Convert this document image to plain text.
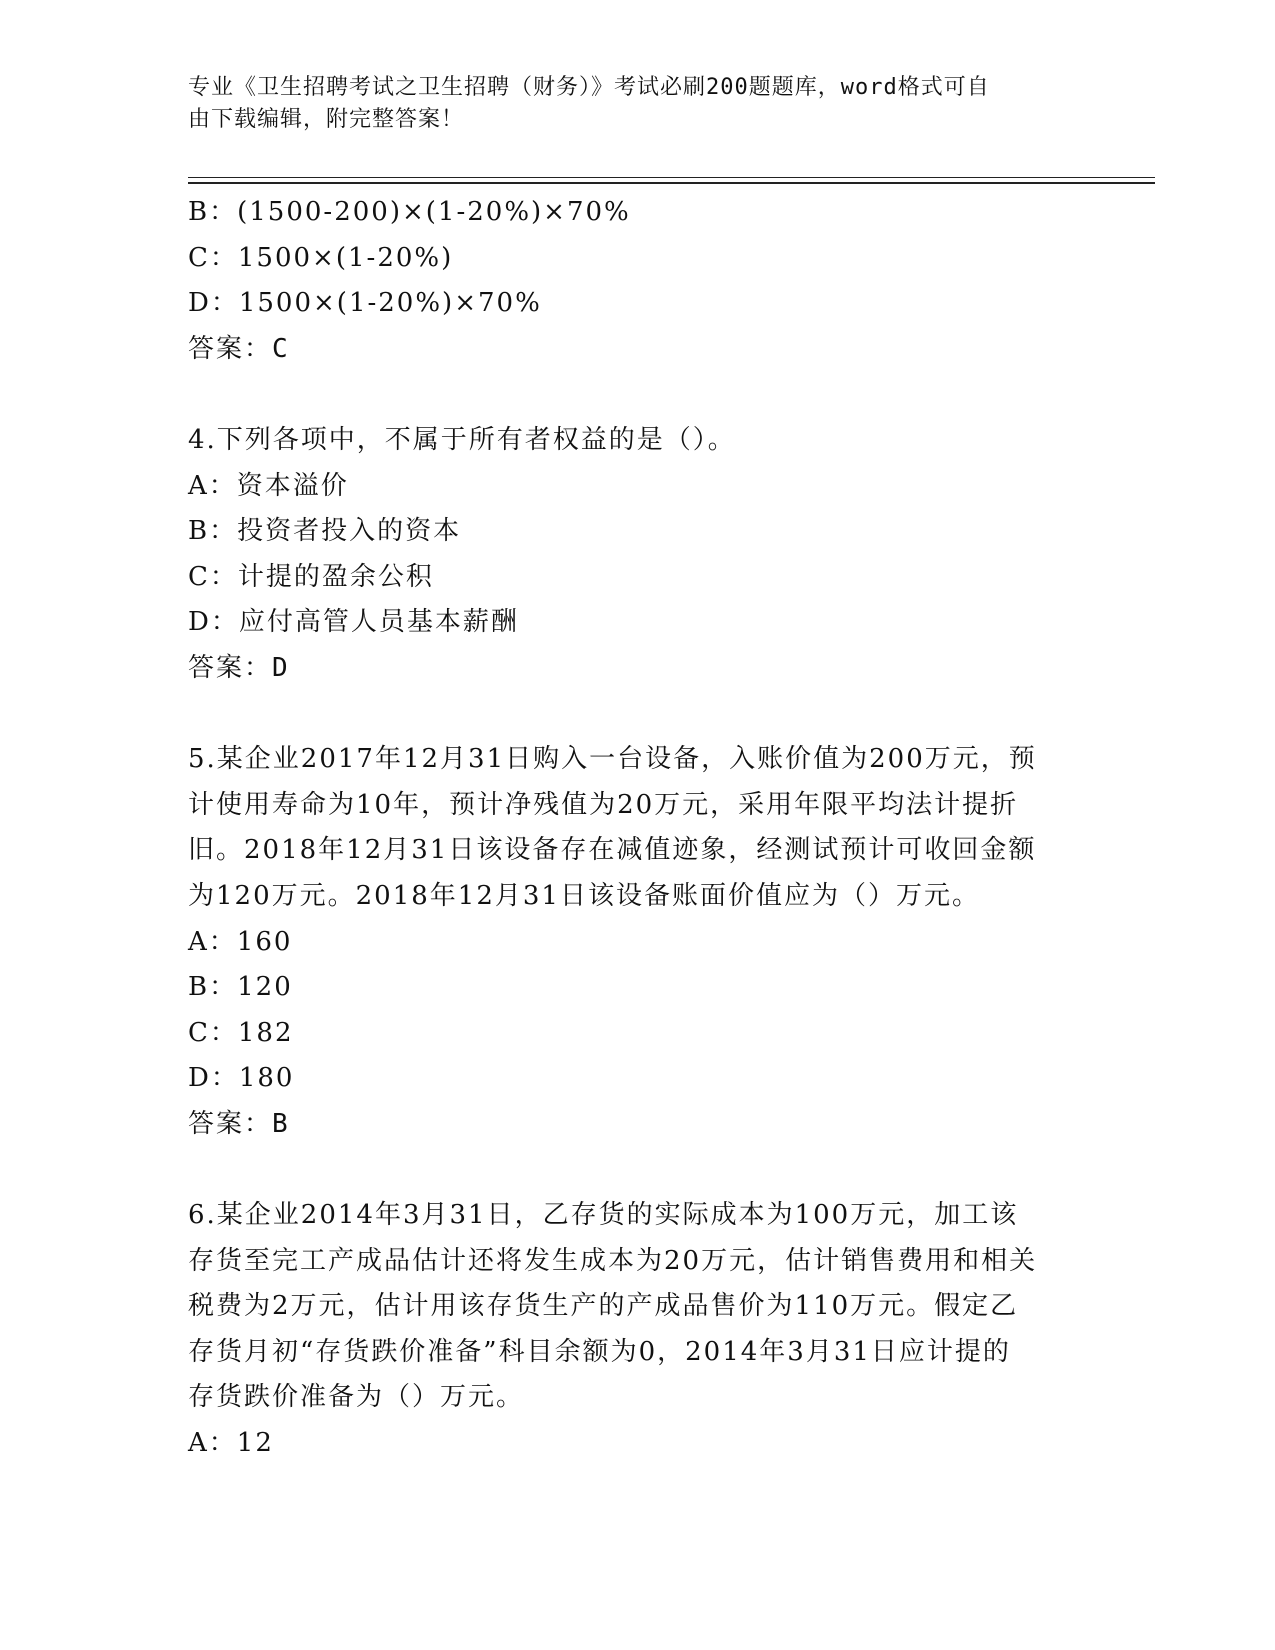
专业《卫生招聘考试之卫生招聘（财务）》考试必刷200题题库，word格式可自
由下载编辑，附完整答案！
B：(1500-200)×(1-20%)×70%
C：1500×(1-20%)
D：1500×(1-20%)×70%
答案：C
4.下列各项中，不属于所有者权益的是（）。
A：资本溢价
B：投资者投入的资本
C：计提的盈余公积
D：应付高管人员基本薪酬
答案：D
5.某企业2017年12月31日购入一台设备，入账价值为200万元，预
计使用寿命为10年，预计净残值为20万元，采用年限平均法计提折
旧。2018年12月31日该设备存在减值迹象，经测试预计可收回金额
为120万元。2018年12月31日该设备账面价值应为（）万元。
A：160
B：120
C：182
D：180
答案：B
6.某企业2014年3月31日，乙存货的实际成本为100万元，加工该
存货至完工产成品估计还将发生成本为20万元，估计销售费用和相关
税费为2万元，估计用该存货生产的产成品售价为110万元。假定乙
存货月初“存货跌价准备”科目余额为0，2014年3月31日应计提的
存货跌价准备为（）万元。
A：12
